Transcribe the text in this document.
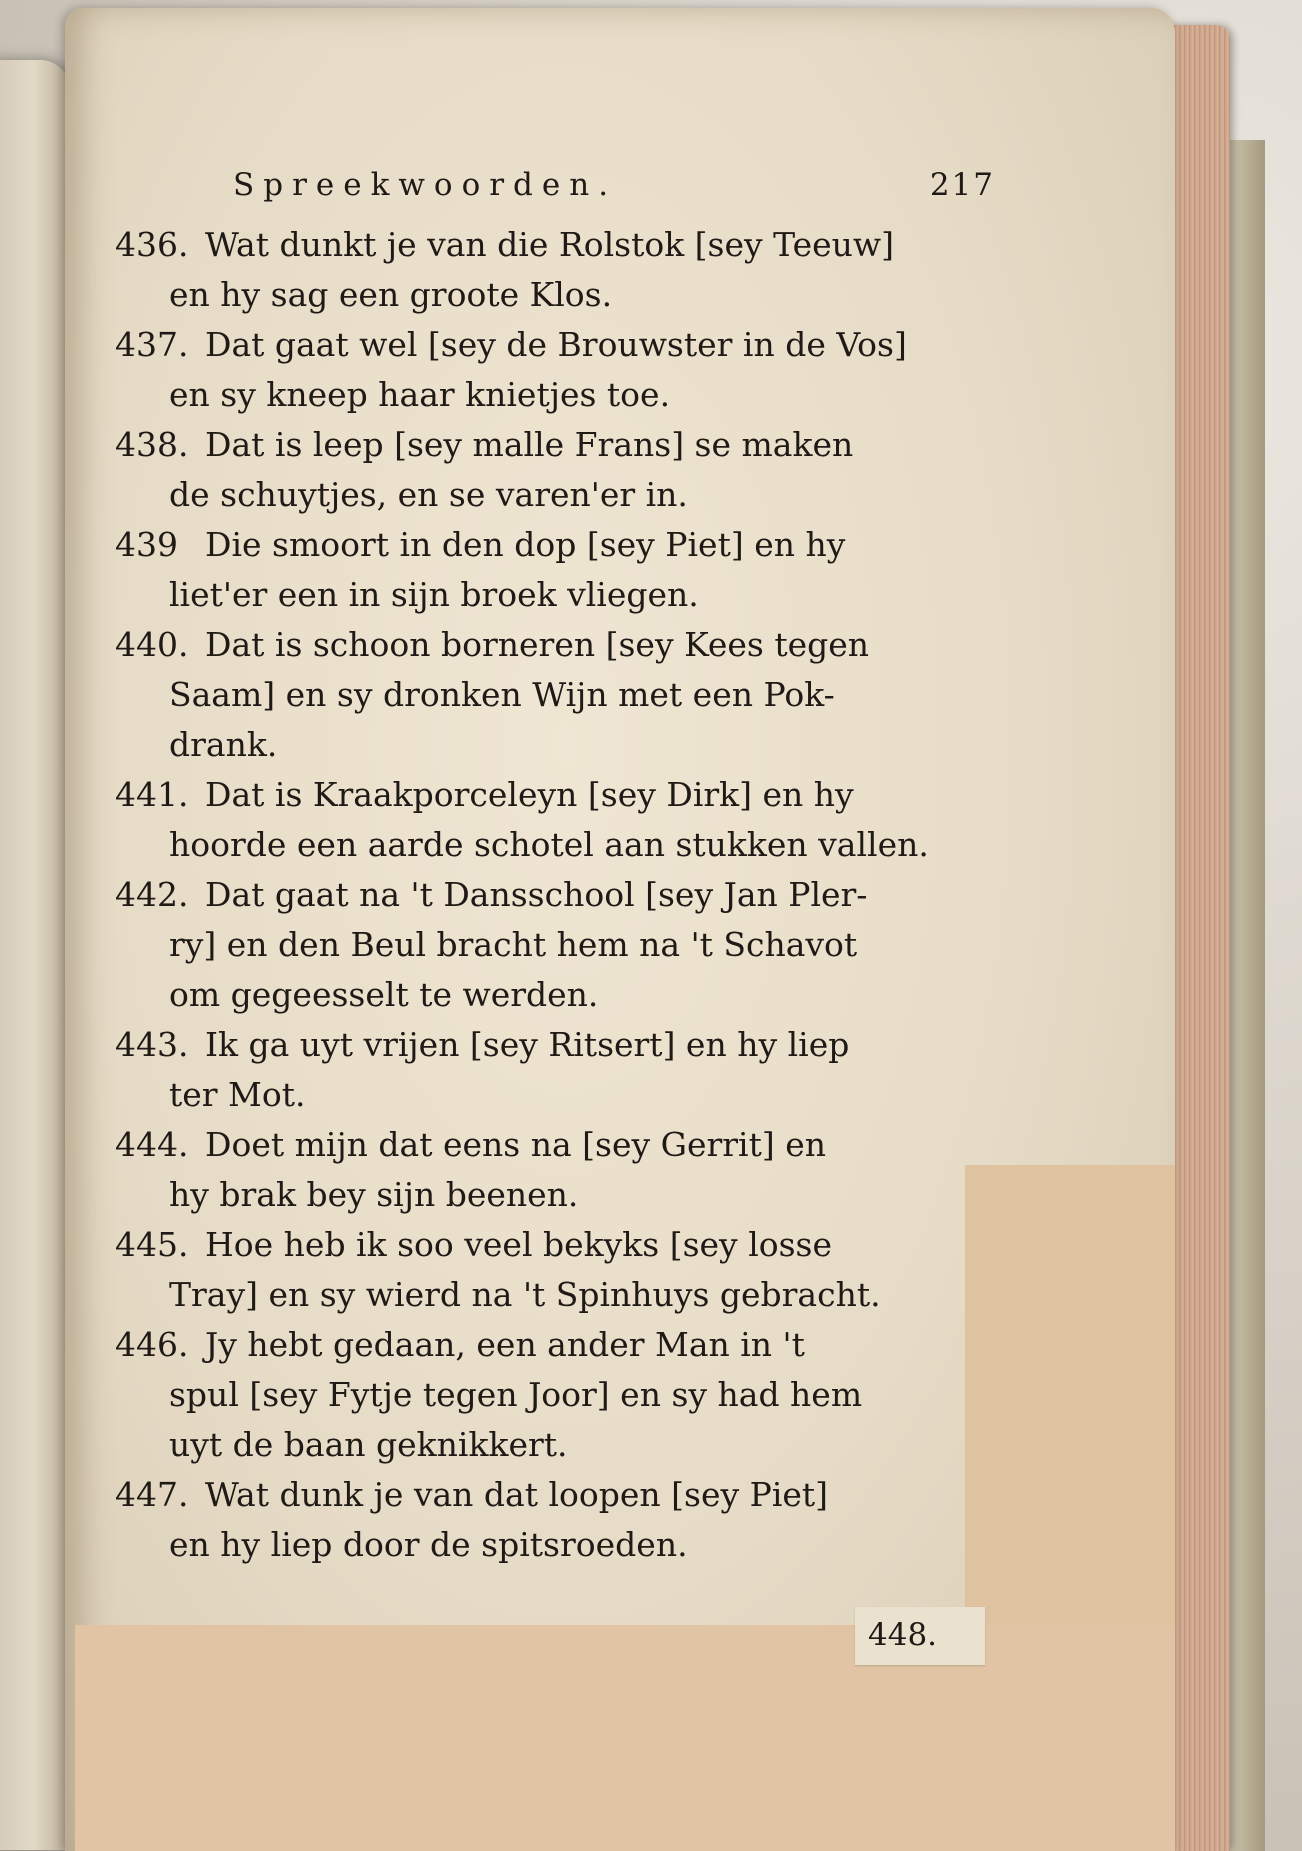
Spreekwoorden.	217
436. Wat dunkt je van die Rolstok [sey Teeuw]
en hy sag een groote Klos.
437. Dat gaat wel [sey de Brouwster in de Vos]
en sy kneep haar knietjes toe.
438. Dat is leep [sey malle Frans] se maken
de schuytjes, en se varen'er in.
439 Die smoort in den dop [sey Piet] en hy
liet'er een in sijn broek vliegen.
440. Dat is schoon borneren [sey Kees tegen
Saam] en sy dronken Wijn met een Pok-
drank.
441. Dat is Kraakporceleyn [sey Dirk] en hy
hoorde een aarde schotel aan stukken vallen.
442. Dat gaat na 't Dansschool [sey Jan Pler-
ry] en den Beul bracht hem na 't Schavot
om gegeesselt te werden.
443. Ik ga uyt vrijen [sey Ritsert] en hy liep
ter Mot.
444. Doet mijn dat eens na [sey Gerrit] en
hy brak bey sijn beenen.
445. Hoe heb ik soo veel bekyks [sey losse
Tray] en sy wierd na 't Spinhuys gebracht.
446. Jy hebt gedaan, een ander Man in 't
spul [sey Fytje tegen Joor] en sy had hem
uyt de baan geknikkert.
447. Wat dunk je van dat loopen [sey Piet]
en hy liep door de spitsroeden.
448.
